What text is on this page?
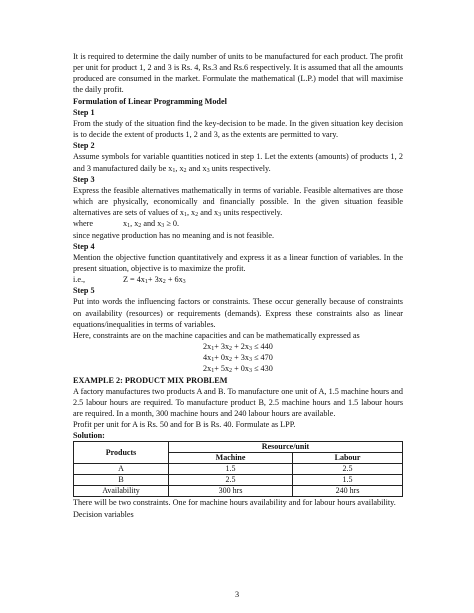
It is required to determine the daily number of units to be manufactured for each product. The profit per unit for product 1, 2 and 3 is Rs. 4, Rs.3 and Rs.6 respectively. It is assumed that all the amounts produced are consumed in the market. Formulate the mathematical (L.P.) model that will maximise the daily profit.

Formulation of Linear Programming Model

Step 1

From the study of the situation find the key-decision to be made. In the given situation key decision is to decide the extent of products 1, 2 and 3, as the extents are permitted to vary.

Step 2

Assume symbols for variable quantities noticed in step 1. Let the extents (amounts) of products 1, 2 and 3 manufactured daily be $x_1$, $x_2$ and $x_3$ units respectively.

Step 3

Express the feasible alternatives mathematically in terms of variable. Feasible alternatives are those which are physically, economically and financially possible. In the given situation feasible alternatives are sets of values of $x_1$, $x_2$ and $x_3$ units respectively.

where	$x_1$, $x_2$ and $x_3 \ge 0$.

since negative production has no meaning and is not feasible.

Step 4

Mention the objective function quantitatively and express it as a linear function of variables. In the present situation, objective is to maximize the profit.

i.e.,	$Z = 4x_1+ 3x_2 + 6x_3$

Step 5

Put into words the influencing factors or constraints. These occur generally because of constraints on availability (resources) or requirements (demands). Express these constraints also as linear equations/inequalities in terms of variables.

Here, constraints are on the machine capacities and can be mathematically expressed as

$2x_1+ 3x_2 + 2x_3 \le 440$
$4x_1+ 0x_2 + 3x_3 \le 470$
$2x_1+ 5x_2 + 0x_3 \le 430$

EXAMPLE 2: PRODUCT MIX PROBLEM

A factory manufactures two products A and B. To manufacture one unit of A, 1.5 machine hours and 2.5 labour hours are required. To manufacture product B, 2.5 machine hours and 1.5 labour hours are required. In a month, 300 machine hours and 240 labour hours are available.

Profit per unit for A is Rs. 50 and for B is Rs. 40. Formulate as LPP.

Solution:

Products	Resource/unit	
	Machine	Labour
A	1.5	2.5
B	2.5	1.5
Availability	300 hrs	240 hrs

There will be two constraints. One for machine hours availability and for labour hours availability.

Decision variables

3
